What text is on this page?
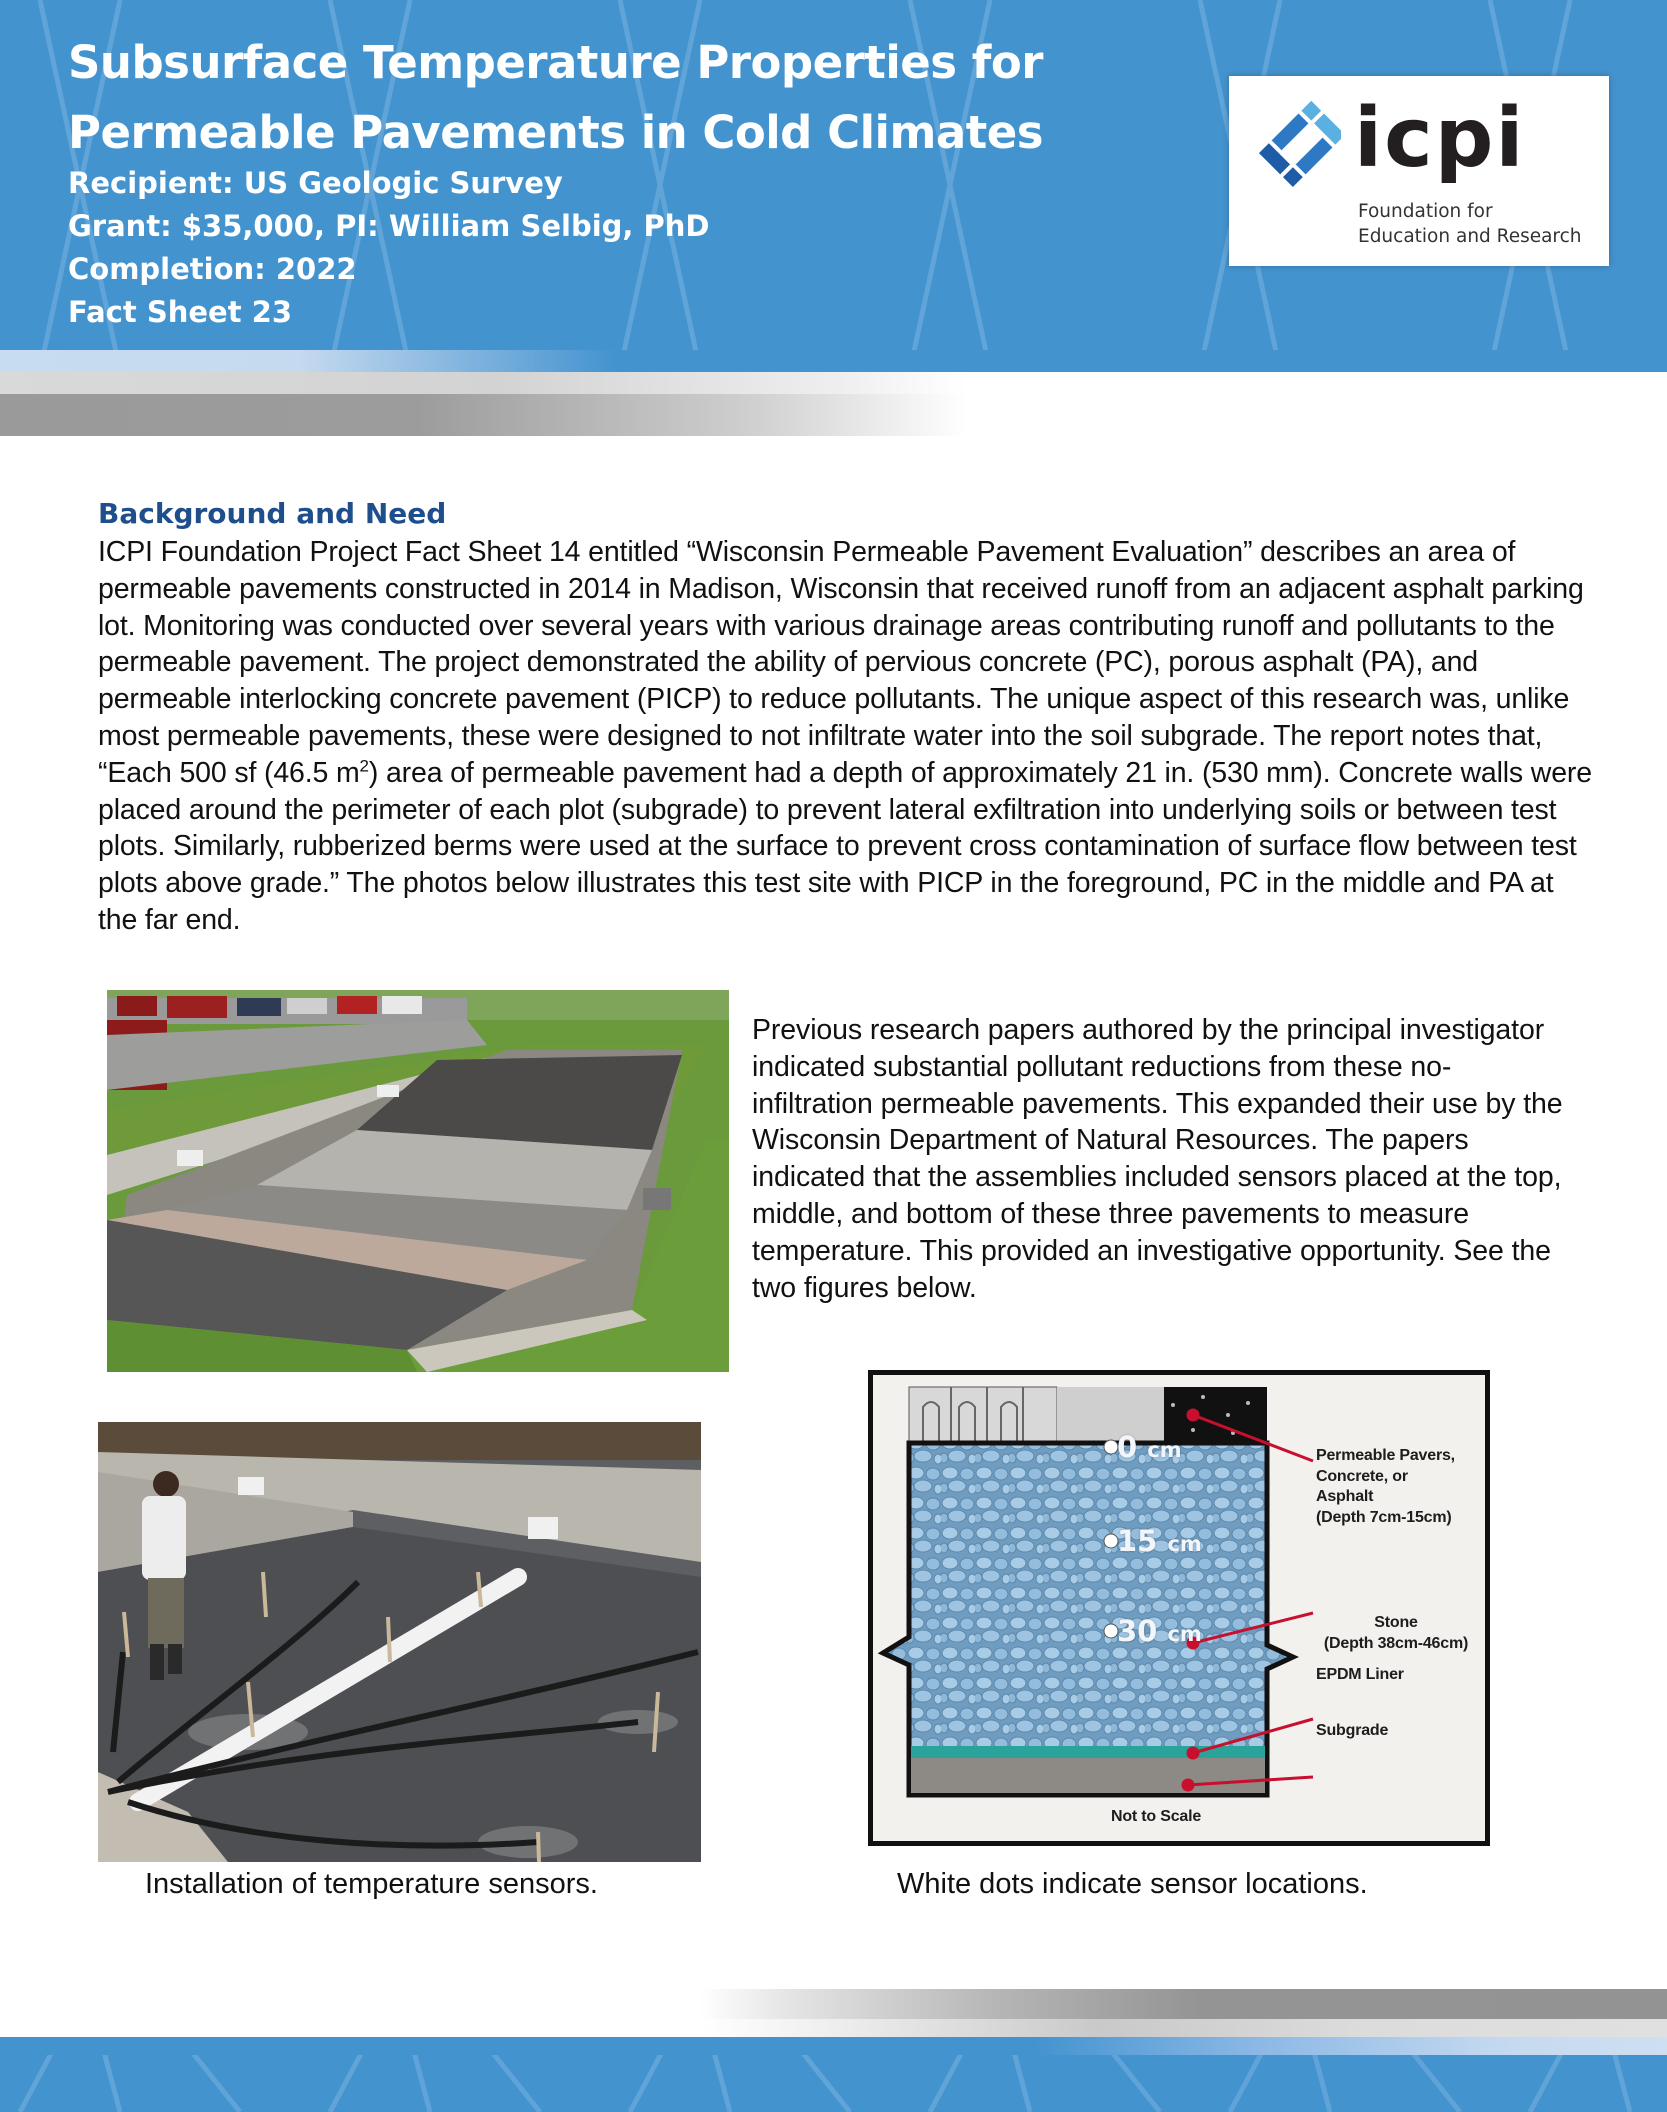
Subsurface Temperature Properties for
Permeable Pavements in Cold Climates
Recipient: US Geologic Survey
Grant: $35,000, PI: William Selbig, PhD
Completion: 2022
Fact Sheet 23
icpi
Foundation for
Education and Research
Background and Need

ICPI Foundation Project Fact Sheet 14 entitled “Wisconsin Permeable Pavement Evaluation” describes an area of permeable pavements constructed in 2014 in Madison, Wisconsin that received runoff from an adjacent asphalt parking lot. Monitoring was conducted over several years with various drainage areas contributing runoff and pollutants to the permeable pavement. The project demonstrated the ability of pervious concrete (PC), porous asphalt (PA), and permeable interlocking concrete pavement (PICP) to reduce pollutants. The unique aspect of this research was, unlike most permeable pavements, these were designed to not infiltrate water into the soil subgrade. The report notes that, “Each 500 sf (46.5 $m^2$) area of permeable pavement had a depth of approximately 21 in. (530 mm). Concrete walls were placed around the perimeter of each plot (subgrade) to prevent lateral exfiltration into underlying soils or between test plots. Similarly, rubberized berms were used at the surface to prevent cross contamination of surface flow between test plots above grade.” The photos below illustrates this test site with PICP in the foreground, PC in the middle and PA at the far end.

Previous research papers authored by the principal investigator indicated substantial pollutant reductions from these no-infiltration permeable pavements. This expanded their use by the Wisconsin Department of Natural Resources. The papers indicated that the assemblies included sensors placed at the top, middle, and bottom of these three pavements to measure temperature. This provided an investigative opportunity. See the two figures below.

Installation of temperature sensors.

0 cm
15 cm
30 cm
Permeable Pavers,
Concrete, or
Asphalt
(Depth 7cm-15cm)
Stone
(Depth 38cm-46cm)
EPDM Liner
Subgrade
Not to Scale

White dots indicate sensor locations.
